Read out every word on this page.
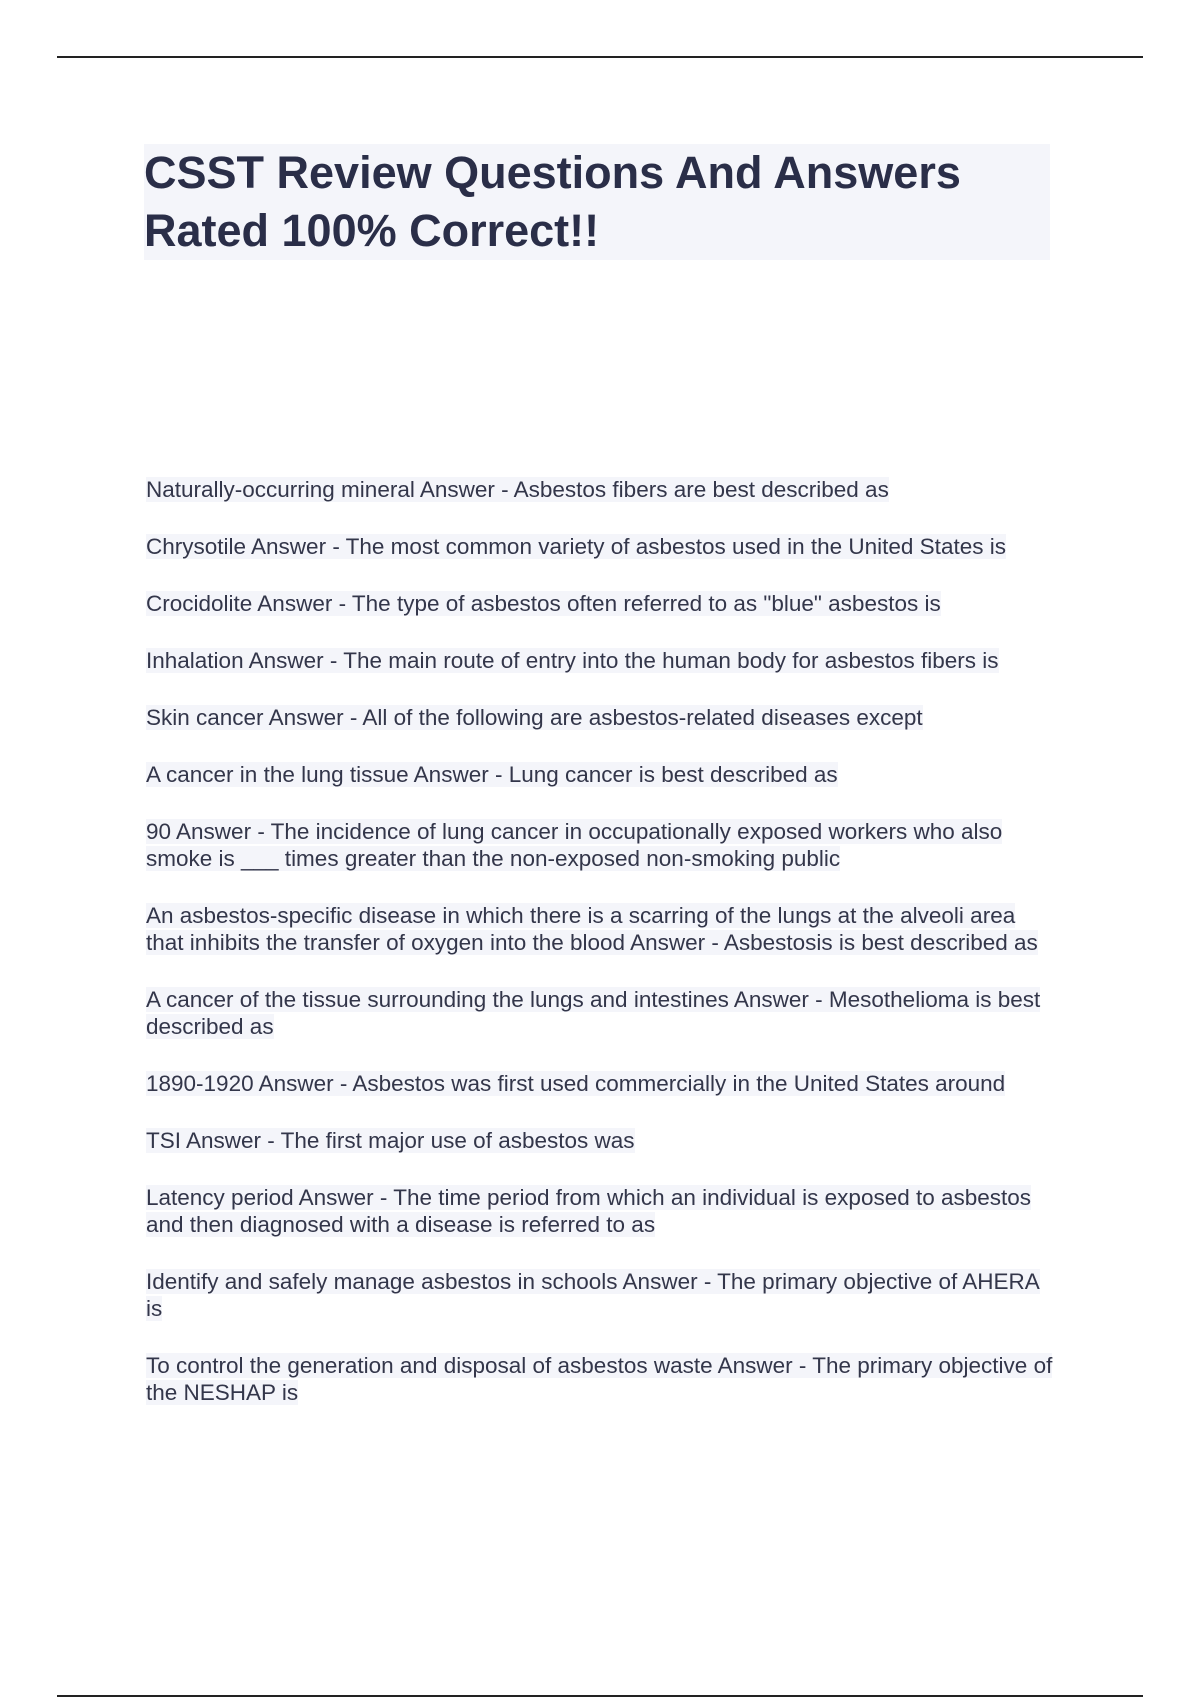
CSST Review Questions And Answers Rated 100% Correct!!
Naturally-occurring mineral Answer - Asbestos fibers are best described as
Chrysotile Answer - The most common variety of asbestos used in the United States is
Crocidolite Answer - The type of asbestos often referred to as "blue" asbestos is
Inhalation Answer - The main route of entry into the human body for asbestos fibers is
Skin cancer Answer - All of the following are asbestos-related diseases except
A cancer in the lung tissue Answer - Lung cancer is best described as
90 Answer - The incidence of lung cancer in occupationally exposed workers who also smoke is ___ times greater than the non-exposed non-smoking public
An asbestos-specific disease in which there is a scarring of the lungs at the alveoli area that inhibits the transfer of oxygen into the blood Answer - Asbestosis is best described as
A cancer of the tissue surrounding the lungs and intestines Answer - Mesothelioma is best described as
1890-1920 Answer - Asbestos was first used commercially in the United States around
TSI Answer - The first major use of asbestos was
Latency period Answer - The time period from which an individual is exposed to asbestos and then diagnosed with a disease is referred to as
Identify and safely manage asbestos in schools Answer - The primary objective of AHERA is
To control the generation and disposal of asbestos waste Answer - The primary objective of the NESHAP is
